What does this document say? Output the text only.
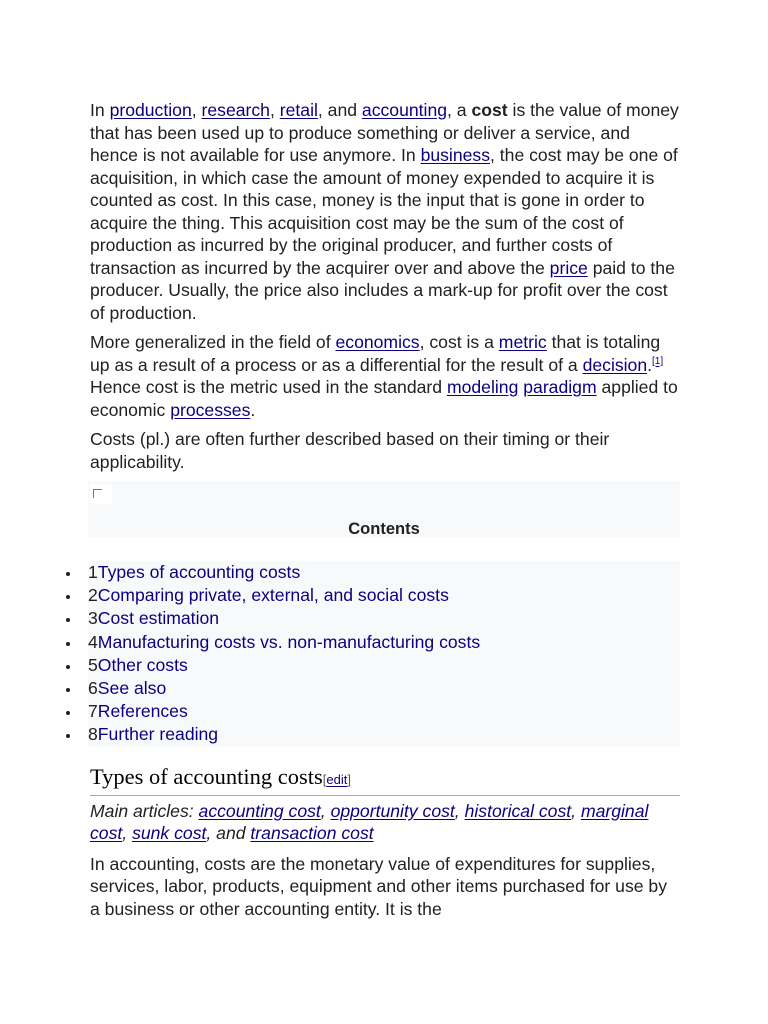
In production, research, retail, and accounting, a cost is the value of money that has been used up to produce something or deliver a service, and hence is not available for use anymore. In business, the cost may be one of acquisition, in which case the amount of money expended to acquire it is counted as cost. In this case, money is the input that is gone in order to acquire the thing. This acquisition cost may be the sum of the cost of production as incurred by the original producer, and further costs of transaction as incurred by the acquirer over and above the price paid to the producer. Usually, the price also includes a mark-up for profit over the cost of production.

More generalized in the field of economics, cost is a metric that is totaling up as a result of a process or as a differential for the result of a decision.[1] Hence cost is the metric used in the standard modeling paradigm applied to economic processes.

Costs (pl.) are often further described based on their timing or their applicability.

Contents
1Types of accounting costs
2Comparing private, external, and social costs
3Cost estimation
4Manufacturing costs vs. non-manufacturing costs
5Other costs
6See also
7References
8Further reading
Types of accounting costs[edit]
Main articles: accounting cost, opportunity cost, historical cost, marginal cost, sunk cost, and transaction cost

In accounting, costs are the monetary value of expenditures for supplies, services, labor, products, equipment and other items purchased for use by a business or other accounting entity. It is the
